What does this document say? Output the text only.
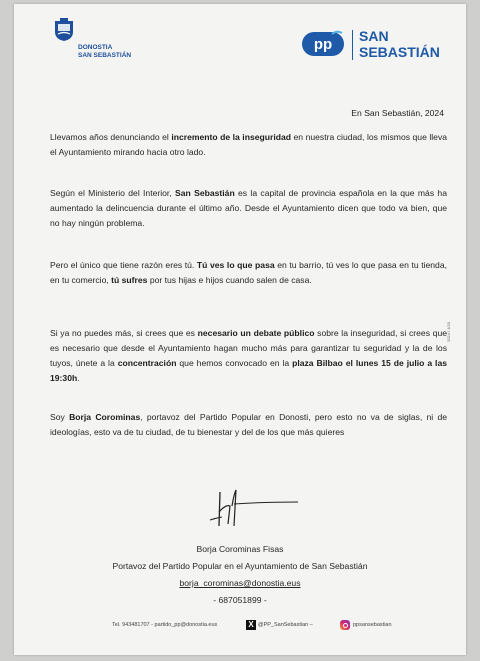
DONOSTIA
SAN SEBASTIÁN
pp SAN
SEBASTIÁN
En San Sebastián, 2024

Llevamos años denunciando el incremento de la inseguridad en nuestra ciudad, los mismos que lleva el Ayuntamiento mirando hacia otro lado.

Según el Ministerio del Interior, San Sebastián es la capital de provincia española en la que más ha aumentado la delincuencia durante el último año. Desde el Ayuntamiento dicen que todo va bien, que no hay ningún problema.

Pero el único que tiene razón eres tú. Tú ves lo que pasa en tu barrio, tú ves lo que pasa en tu tienda, en tu comercio, tú sufres por tus hijas e hijos cuando salen de casa.

Si ya no puedes más, si crees que es necesario un debate público sobre la inseguridad, si crees que es necesario que desde el Ayuntamiento hagan mucho más para garantizar tu seguridad y la de los tuyos, únete a la concentración que hemos convocado en la plaza Bilbao el lunes 15 de julio a las 19:30h.

Soy Borja Corominas, portavoz del Partido Popular en Donosti, pero esto no va de siglas, ni de ideologías, esto va de tu ciudad, de tu bienestar y del de los que más quieres

2024 / 1/20

Borja Corominas Fisas

Portavoz del Partido Popular en el Ayuntamiento de San Sebastián

borja_corominas@donostia.eus

- 687051899 -

Tel. 943481707 - partido_pp@donostia.eus	X @PP_SanSebastian –	ppsansebastian
